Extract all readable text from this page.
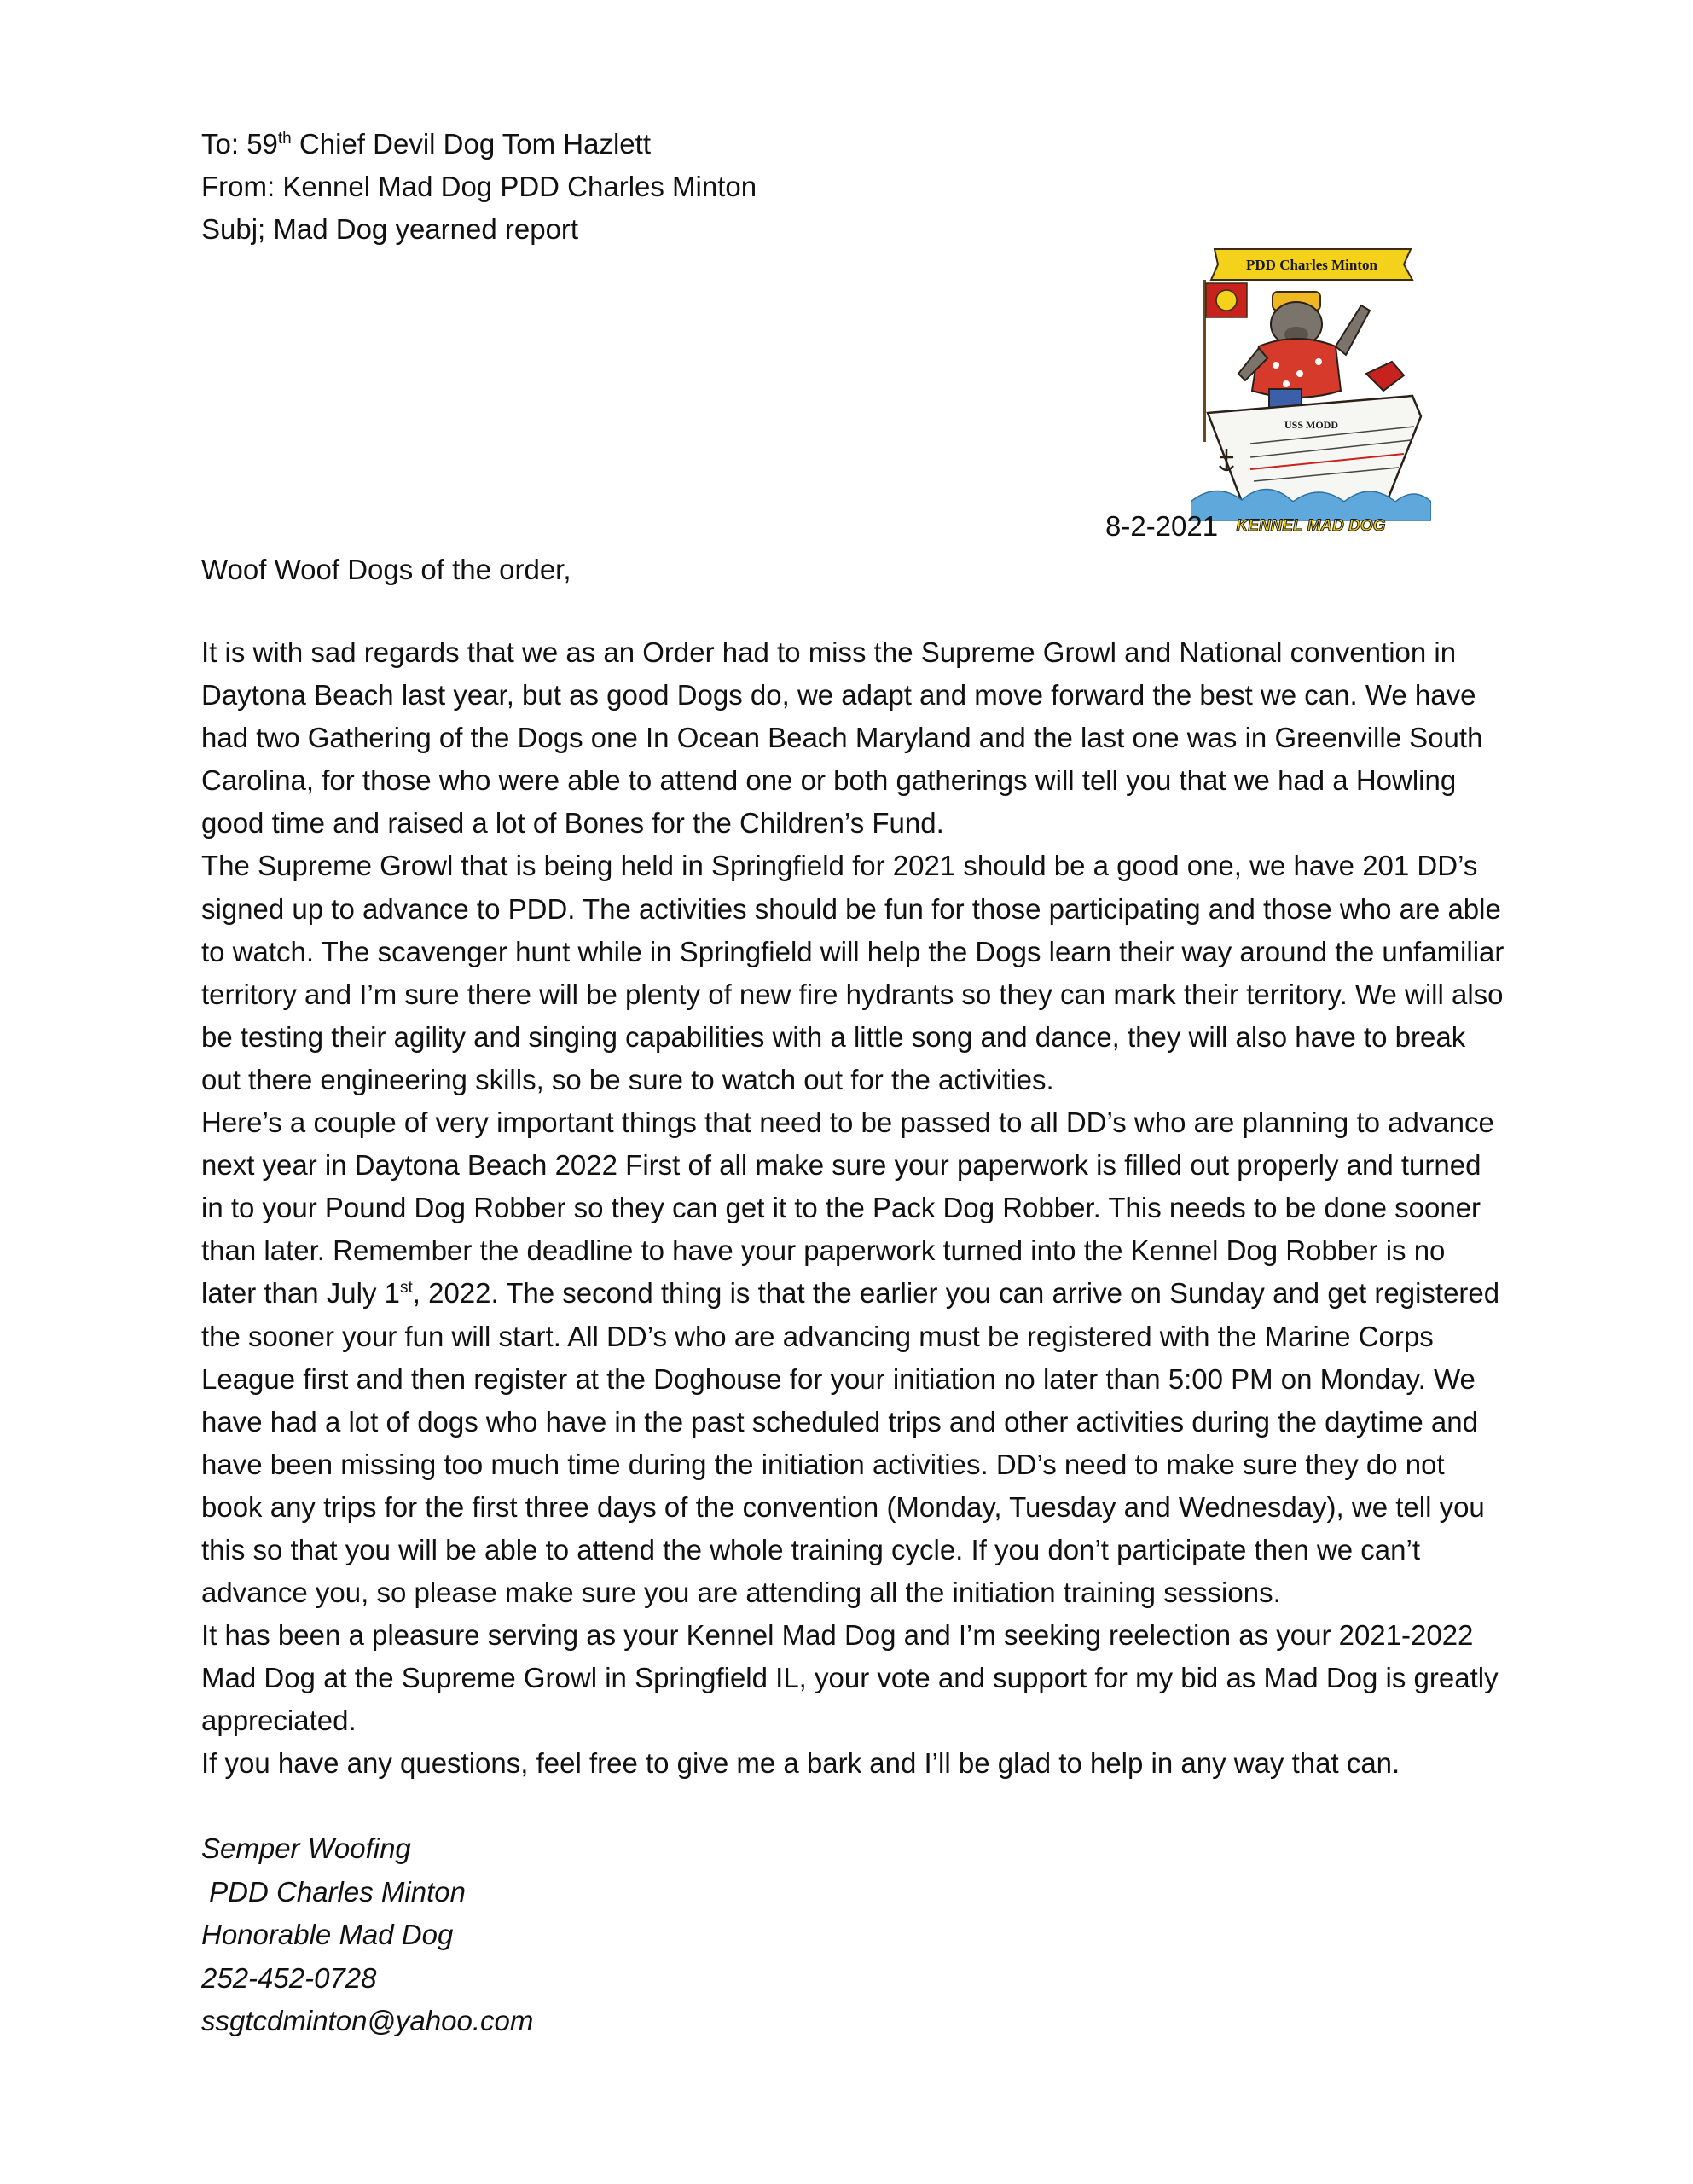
To: 59th Chief Devil Dog Tom Hazlett
From: Kennel Mad Dog PDD Charles Minton
Subj; Mad Dog yearned report
PDD Charles Minton
USS MODD
KENNEL MAD DOG
8-2-2021
Woof Woof Dogs of the order,

It is with sad regards that we as an Order had to miss the Supreme Growl and National convention in Daytona Beach last year, but as good Dogs do, we adapt and move forward the best we can. We have had two Gathering of the Dogs one In Ocean Beach Maryland and the last one was in Greenville South Carolina, for those who were able to attend one or both gatherings will tell you that we had a Howling good time and raised a lot of Bones for the Children’s Fund.

The Supreme Growl that is being held in Springfield for 2021 should be a good one, we have 201 DD’s signed up to advance to PDD. The activities should be fun for those participating and those who are able to watch. The scavenger hunt while in Springfield will help the Dogs learn their way around the unfamiliar territory and I’m sure there will be plenty of new fire hydrants so they can mark their territory. We will also be testing their agility and singing capabilities with a little song and dance, they will also have to break out there engineering skills, so be sure to watch out for the activities.

Here’s a couple of very important things that need to be passed to all DD’s who are planning to advance next year in Daytona Beach 2022 First of all make sure your paperwork is filled out properly and turned in to your Pound Dog Robber so they can get it to the Pack Dog Robber. This needs to be done sooner than later. Remember the deadline to have your paperwork turned into the Kennel Dog Robber is no later than July 1st, 2022. The second thing is that the earlier you can arrive on Sunday and get registered the sooner your fun will start. All DD’s who are advancing must be registered with the Marine Corps League first and then register at the Doghouse for your initiation no later than 5:00 PM on Monday. We have had a lot of dogs who have in the past scheduled trips and other activities during the daytime and have been missing too much time during the initiation activities. DD’s need to make sure they do not book any trips for the first three days of the convention (Monday, Tuesday and Wednesday), we tell you this so that you will be able to attend the whole training cycle. If you don’t participate then we can’t advance you, so please make sure you are attending all the initiation training sessions.

It has been a pleasure serving as your Kennel Mad Dog and I’m seeking reelection as your 2021-2022 Mad Dog at the Supreme Growl in Springfield IL, your vote and support for my bid as Mad Dog is greatly appreciated.

If you have any questions, feel free to give me a bark and I’ll be glad to help in any way that can.

Semper Woofing
PDD Charles Minton
Honorable Mad Dog
252-452-0728
ssgtcdminton@yahoo.com
